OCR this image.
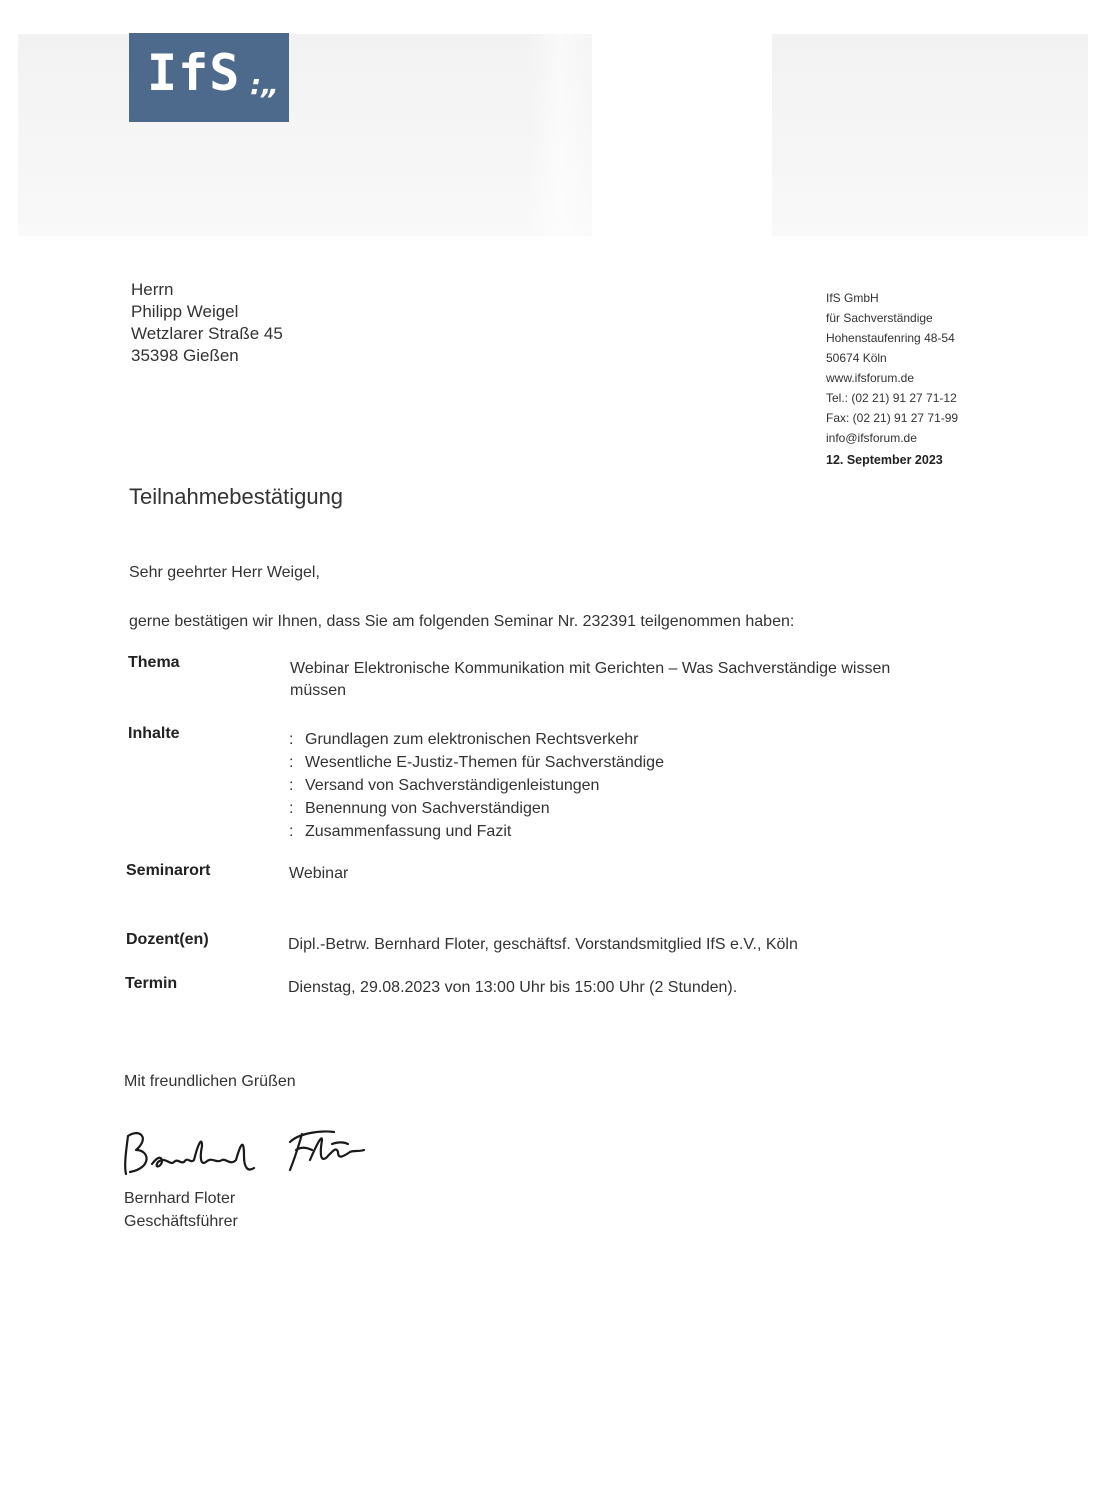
IfS :„
Herrn
Philipp Weigel
Wetzlarer Straße 45
35398 Gießen
IfS GmbH
für Sachverständige
Hohenstaufenring 48-54
50674 Köln
www.ifsforum.de
Tel.: (02 21) 91 27 71-12
Fax: (02 21) 91 27 71-99
info@ifsforum.de
12. September 2023
Teilnahmebestätigung
Sehr geehrter Herr Weigel,
gerne bestätigen wir Ihnen, dass Sie am folgenden Seminar Nr. 232391 teilgenommen haben:
Thema	Webinar Elektronische Kommunikation mit Gerichten – Was Sachverständige wissen
müssen
Inhalte	: Grundlagen zum elektronischen Rechtsverkehr
: Wesentliche E-Justiz-Themen für Sachverständige
: Versand von Sachverständigenleistungen
: Benennung von Sachverständigen
: Zusammenfassung und Fazit
Seminarort	Webinar
Dozent(en)	Dipl.-Betrw. Bernhard Floter, geschäftsf. Vorstandsmitglied IfS e.V., Köln
Termin	Dienstag, 29.08.2023 von 13:00 Uhr bis 15:00 Uhr (2 Stunden).
Mit freundlichen Grüßen
Bernhard Floter
Geschäftsführer
